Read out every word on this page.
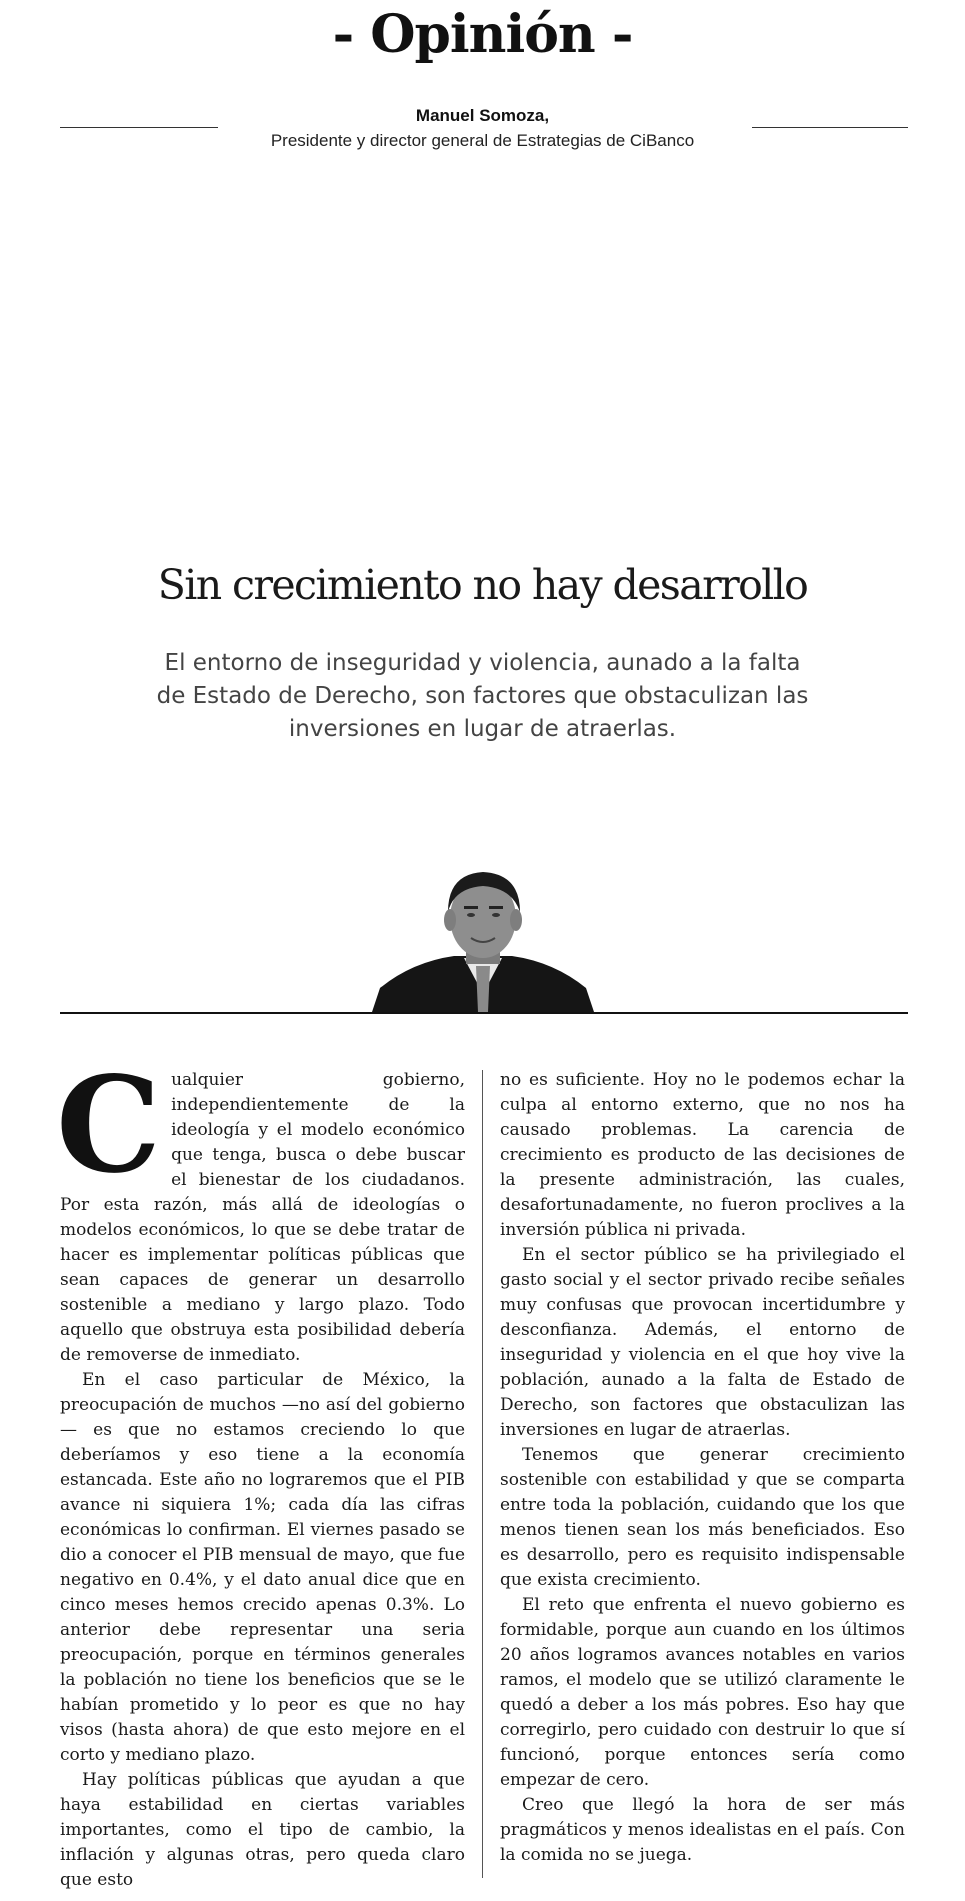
- Opinión -
Manuel Somoza,
Presidente y director general de Estrategias de CiBanco
Sin crecimiento no hay desarrollo
El entorno de inseguridad y violencia, aunado a la falta de Estado de Derecho, son factores que obstaculizan las inversiones en lugar de atraerlas.

Cualquier gobierno, independientemente de la ideología y el modelo económico que tenga, busca o debe buscar el bienestar de los ciudadanos. Por esta razón, más allá de ideologías o modelos económicos, lo que se debe tratar de hacer es implementar políticas públicas que sean capaces de generar un desarrollo sostenible a mediano y largo plazo. Todo aquello que obstruya esta posibilidad debería de removerse de inmediato.

En el caso particular de México, la preocupación de muchos —no así del gobierno— es que no estamos creciendo lo que deberíamos y eso tiene a la economía estancada. Este año no lograremos que el PIB avance ni siquiera 1%; cada día las cifras económicas lo confirman. El viernes pasado se dio a conocer el PIB mensual de mayo, que fue negativo en 0.4%, y el dato anual dice que en cinco meses hemos crecido apenas 0.3%. Lo anterior debe representar una seria preocupación, porque en términos generales la población no tiene los beneficios que se le habían prometido y lo peor es que no hay visos (hasta ahora) de que esto mejore en el corto y mediano plazo.

Hay políticas públicas que ayudan a que haya estabilidad en ciertas variables importantes, como el tipo de cambio, la inflación y algunas otras, pero queda claro que esto

no es suficiente. Hoy no le podemos echar la culpa al entorno externo, que no nos ha causado problemas. La carencia de crecimiento es producto de las decisiones de la presente administración, las cuales, desafortunadamente, no fueron proclives a la inversión pública ni privada.

En el sector público se ha privilegiado el gasto social y el sector privado recibe señales muy confusas que provocan incertidumbre y desconfianza. Además, el entorno de inseguridad y violencia en el que hoy vive la población, aunado a la falta de Estado de Derecho, son factores que obstaculizan las inversiones en lugar de atraerlas.

Tenemos que generar crecimiento sostenible con estabilidad y que se comparta entre toda la población, cuidando que los que menos tienen sean los más beneficiados. Eso es desarrollo, pero es requisito indispensable que exista crecimiento.

El reto que enfrenta el nuevo gobierno es formidable, porque aun cuando en los últimos 20 años logramos avances notables en varios ramos, el modelo que se utilizó claramente le quedó a deber a los más pobres. Eso hay que corregirlo, pero cuidado con destruir lo que sí funcionó, porque entonces sería como empezar de cero.

Creo que llegó la hora de ser más pragmáticos y menos idealistas en el país. Con la comida no se juega.
